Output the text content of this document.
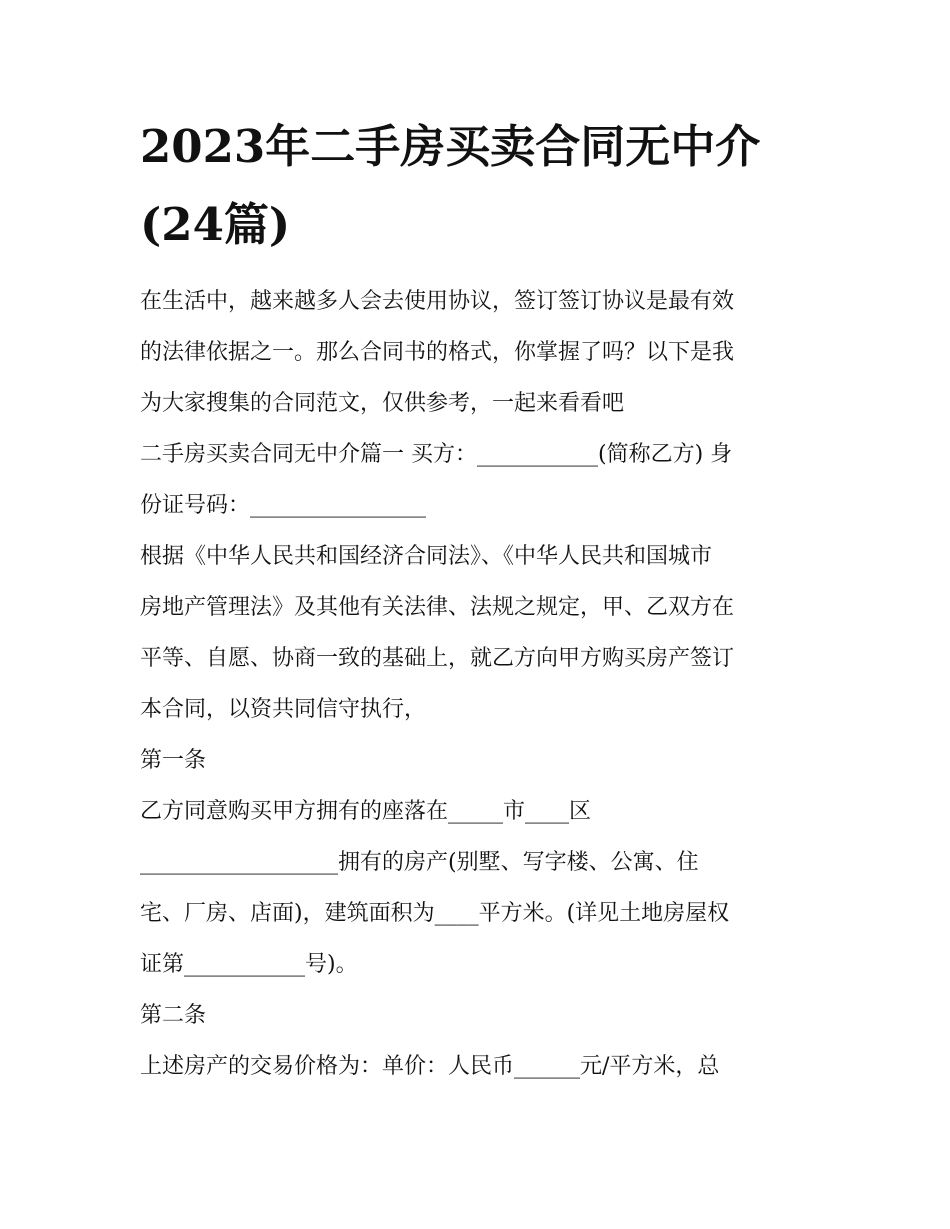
2023年二手房买卖合同无中介
(24篇)
在生活中，越来越多人会去使用协议，签订签订协议是最有效
的法律依据之一。那么合同书的格式，你掌握了吗？以下是我
为大家搜集的合同范文，仅供参考，一起来看看吧
二手房买卖合同无中介篇一 买方：___________(简称乙方) 身
份证号码：________________
根据《中华人民共和国经济合同法》、《中华人民共和国城市
房地产管理法》及其他有关法律、法规之规定，甲、乙双方在
平等、自愿、协商一致的基础上，就乙方向甲方购买房产签订
本合同，以资共同信守执行，
第一条
乙方同意购买甲方拥有的座落在_____市____区
__________________拥有的房产(别墅、写字楼、公寓、住
宅、厂房、店面)，建筑面积为____平方米。(详见土地房屋权
证第___________号)。
第二条
上述房产的交易价格为：单价：人民币______元/平方米，总
